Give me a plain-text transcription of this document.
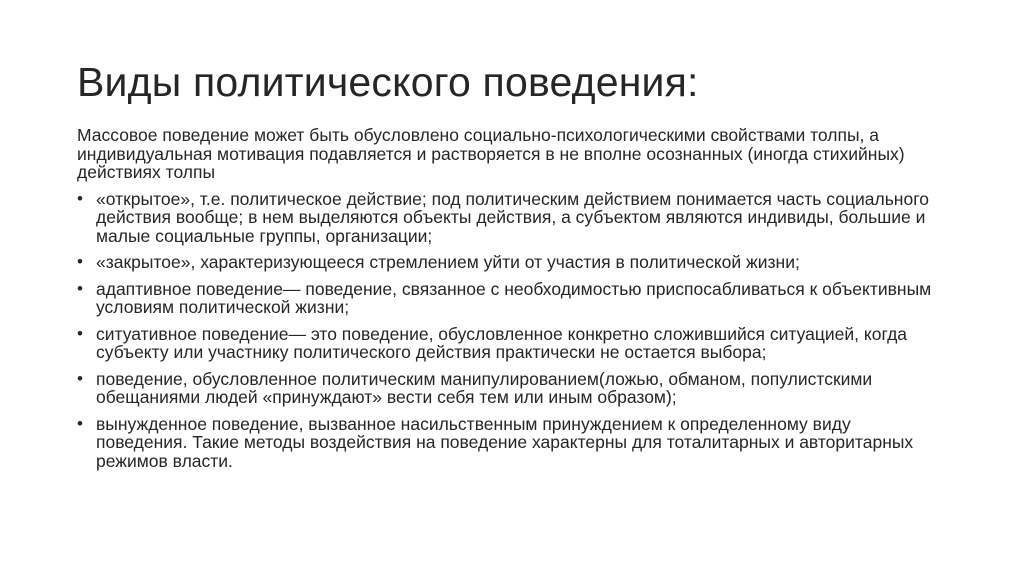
Виды политического поведения:

Массовое поведение может быть обусловлено социально-психологическими свойствами толпы, а индивидуальная мотивация подавляется и растворяется в не вполне осознанных (иногда стихийных) действиях толпы

• «открытое», т.е. политическое действие; под политическим действием понимается часть социального действия вообще; в нем выделяются объекты действия, а субъектом являются индивиды, большие и малые социальные группы, организации;
• «закрытое», характеризующееся стремлением уйти от участия в политической жизни;
• адаптивное поведение— поведение, связанное с необходимостью приспосабливаться к объективным условиям политической жизни;
• ситуативное поведение— это поведение, обусловленное конкретно сложившийся ситуацией, когда субъекту или участнику политического действия практически не остается выбора;
• поведение, обусловленное политическим манипулированием(ложью, обманом, популистскими обещаниями людей «принуждают» вести себя тем или иным образом);
• вынужденное поведение, вызванное насильственным принуждением к определенному виду поведения. Такие методы воздействия на поведение характерны для тоталитарных и авторитарных режимов власти.
